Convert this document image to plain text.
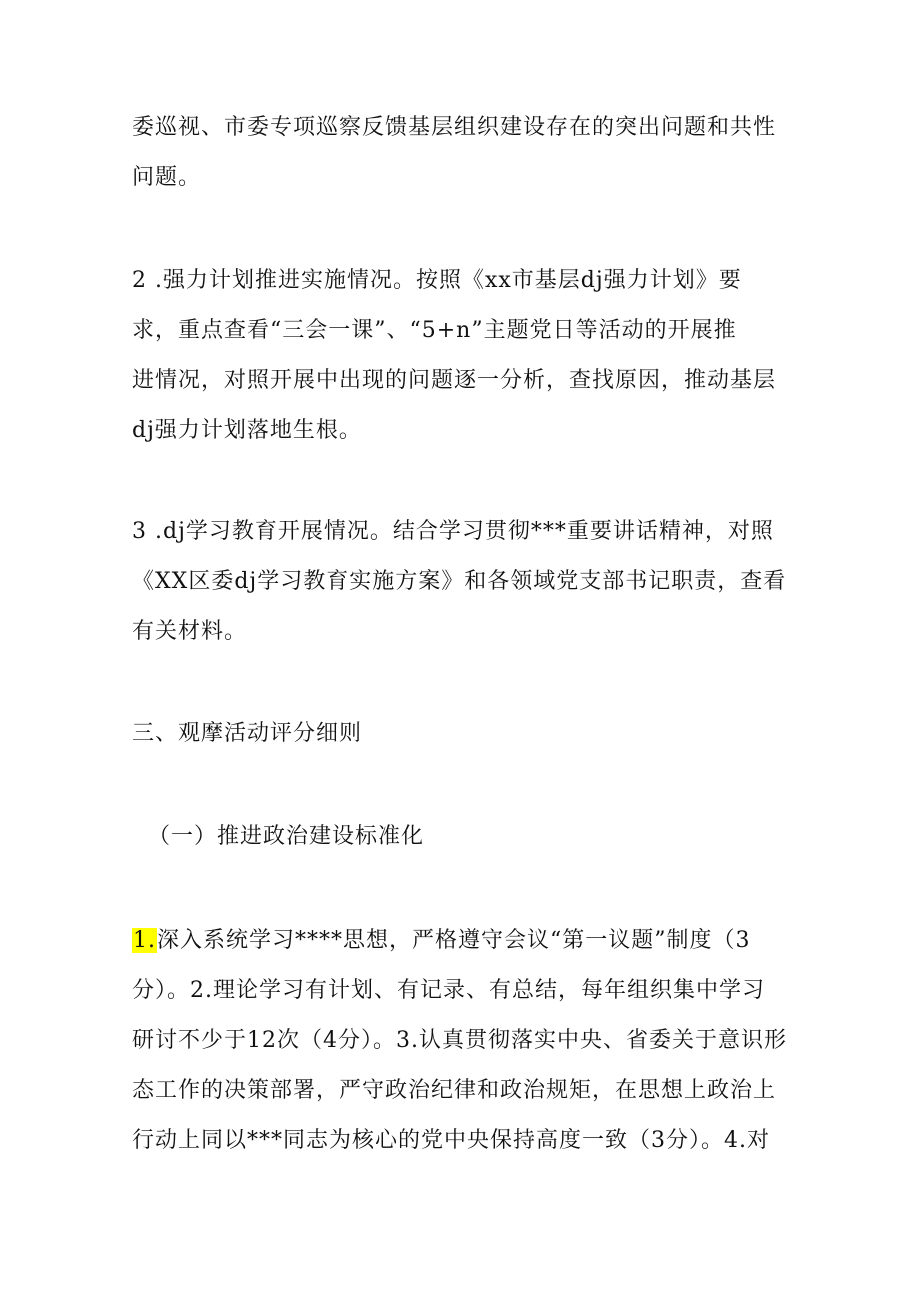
委巡视、市委专项巡察反馈基层组织建设存在的突出问题和共性
问题。
2 .强力计划推进实施情况。按照《xx市基层dj强力计划》要
求，重点查看“三会一课”、“5+n”主题党日等活动的开展推
进情况，对照开展中出现的问题逐一分析，查找原因，推动基层
dj强力计划落地生根。
3 .dj学习教育开展情况。结合学习贯彻***重要讲话精神，对照
《XX区委dj学习教育实施方案》和各领域党支部书记职责，查看
有关材料。
三、观摩活动评分细则
（一）推进政治建设标准化
1.深入系统学习****思想，严格遵守会议“第一议题”制度（3
分）。2.理论学习有计划、有记录、有总结，每年组织集中学习
研讨不少于12次（4分）。3.认真贯彻落实中央、省委关于意识形
态工作的决策部署，严守政治纪律和政治规矩，在思想上政治上
行动上同以***同志为核心的党中央保持高度一致（3分）。4.对
